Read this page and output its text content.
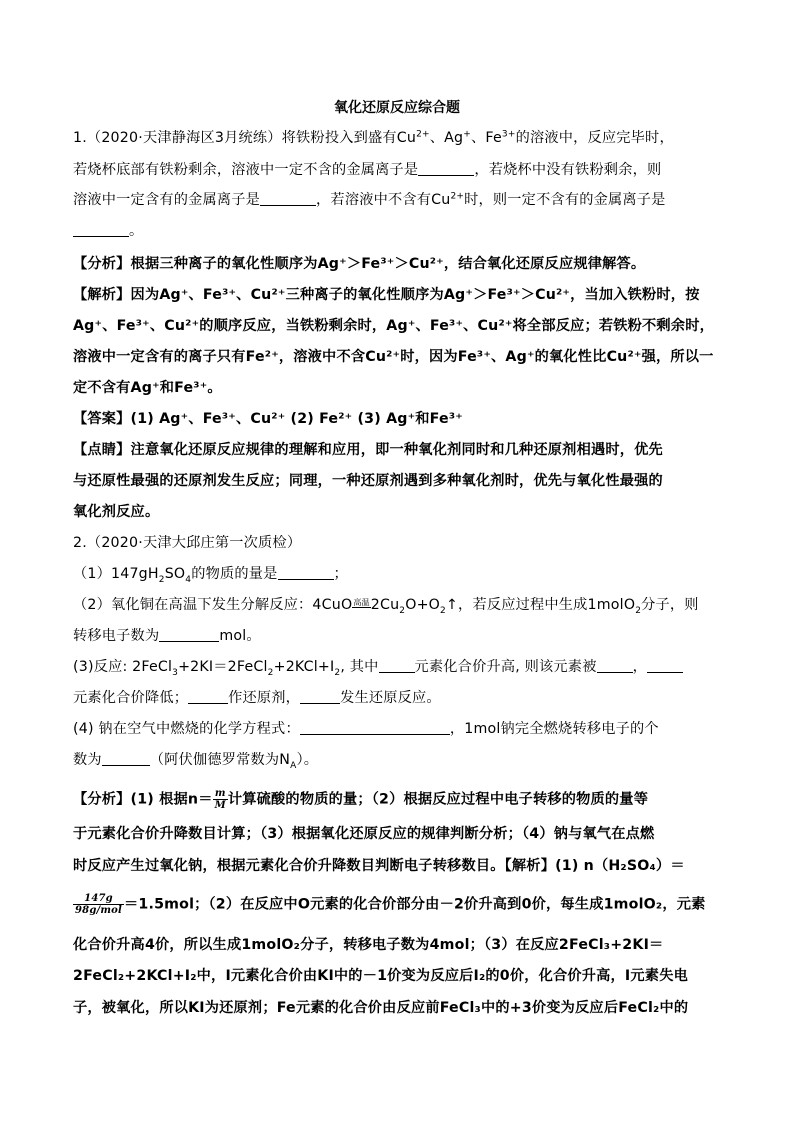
氧化还原反应综合题
1.（2020·天津静海区3月统练）将铁粉投入到盛有$Cu^{2+}$、Ag+、$Fe^{3+}$的溶液中，反应完毕时，
若烧杯底部有铁粉剩余，溶液中一定不含的金属离子是	，若烧杯中没有铁粉剩余，则
溶液中一定含有的金属离子是	，若溶液中不含有$Cu^{2+}$时，则一定不含有的金属离子是
。
【分析】根据三种离子的氧化性顺序为Ag⁺＞Fe³⁺＞Cu²⁺，结合氧化还原反应规律解答。
【解析】因为Ag⁺、Fe³⁺、Cu²⁺三种离子的氧化性顺序为Ag⁺＞Fe³⁺＞Cu²⁺，当加入铁粉时，按
Ag⁺、Fe³⁺、Cu²⁺的顺序反应，当铁粉剩余时，Ag⁺、Fe³⁺、Cu²⁺将全部反应；若铁粉不剩余时，
溶液中一定含有的离子只有Fe²⁺，溶液中不含Cu²⁺时，因为Fe³⁺、Ag⁺的氧化性比Cu²⁺强，所以一
定不含有Ag⁺和Fe³⁺。
【答案】(1) Ag⁺、Fe³⁺、Cu²⁺ (2) Fe²⁺ (3) Ag⁺和Fe³⁺
【点睛】注意氧化还原反应规律的理解和应用，即一种氧化剂同时和几种还原剂相遇时，优先
与还原性最强的还原剂发生反应；同理，一种还原剂遇到多种氧化剂时，优先与氧化性最强的
氧化剂反应。
2.（2020·天津大邱庄第一次质检）
$(1)147gH_2SO_4$的物质的量是	；
（2）氧化铜在高温下发生分解反应：4CuO高温$2Cu_2O+O_2↑$，若反应过程中生成1molO$_2$分子，则
转移电子数为	mol。
(3)反应: $2FeCl_3+2KI=2FeCl_2+2KCl+I_2$, 其中	元素化合价升高, 则该元素被	，
元素化合价降低；	作还原剂，	发生还原反应。
(4) 钠在空气中燃烧的化学方程式：	，1mol钠完全燃烧转移电子的个
数为	（阿伏伽德罗常数为$N_A$）。
【分析】(1) 根据$n= \frac{m}{M}$ 计算硫酸的物质的量；（2）根据反应过程中电子转移的物质的量等
于元素化合价升降数目计算；（3）根据氧化还原反应的规律判断分析；（4）钠与氧气在点燃
时反应产生过氧化钠，根据元素化合价升降数目判断电子转移数目。【解析】(1) n（H₂SO₄）＝
$\frac{147g}{\text{98g/mol}} =1.5mol$；（2）在反应中O元素的化合价部分由－2价升高到0价，每生成1molO₂，元素
化合价升高4价，所以生成1molO₂分子，转移电子数为4mol；（3）在反应2FeCl₃+2KI＝
2FeCl₂+2KCl+I₂中，I元素化合价由KI中的－1价变为反应后I₂的0价，化合价升高，I元素失电
子，被氧化，所以KI为还原剂；Fe元素的化合价由反应前FeCl₃中的+3价变为反应后FeCl₂中的
